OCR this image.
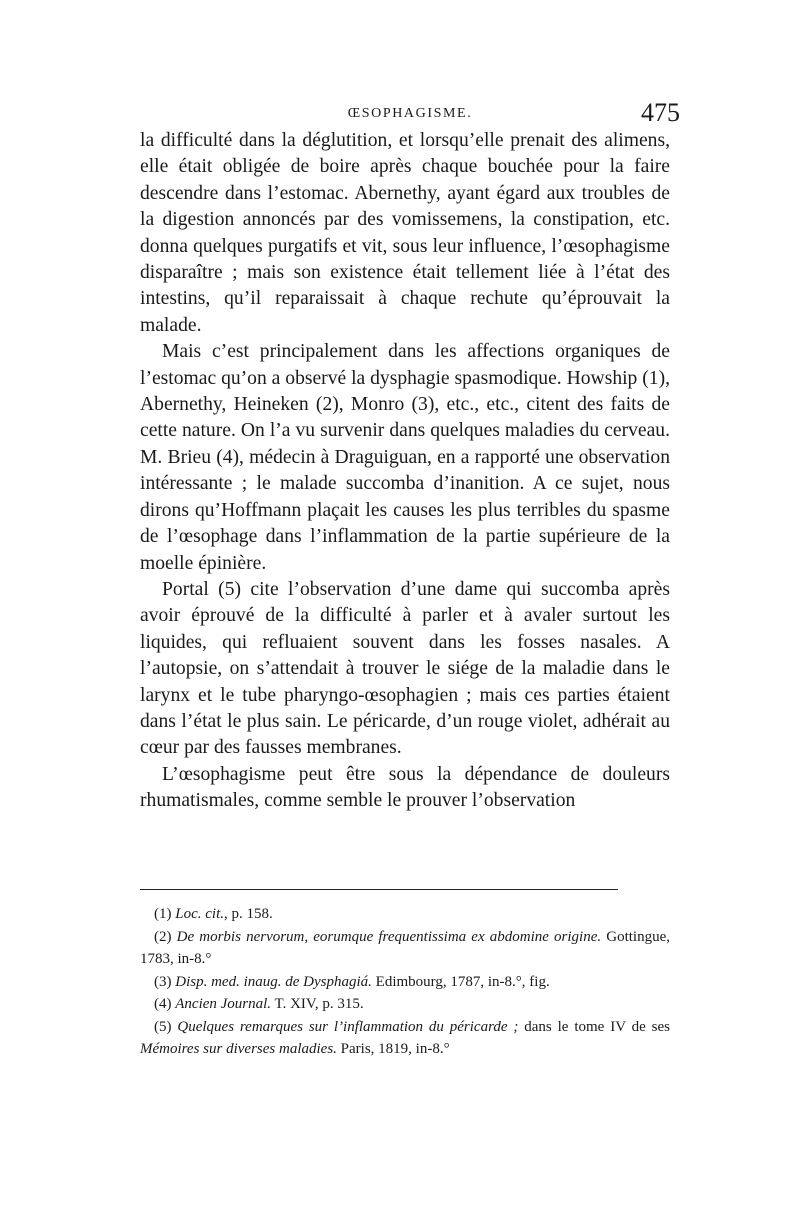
ŒSOPHAGISME.	475

la difficulté dans la déglutition, et lorsqu’elle prenait des alimens, elle était obligée de boire après chaque bouchée pour la faire descendre dans l’estomac. Abernethy, ayant égard aux troubles de la digestion annoncés par des vomissemens, la constipation, etc. donna quelques purgatifs et vit, sous leur influence, l’œsophagisme disparaître ; mais son existence était tellement liée à l’état des intestins, qu’il reparaissait à chaque rechute qu’éprouvait la malade.

Mais c’est principalement dans les affections organiques de l’estomac qu’on a observé la dysphagie spasmodique. Howship (1), Abernethy, Heineken (2), Monro (3), etc., etc., citent des faits de cette nature. On l’a vu survenir dans quelques maladies du cerveau. M. Brieu (4), médecin à Draguiguan, en a rapporté une observation intéressante ; le malade succomba d’inanition. A ce sujet, nous dirons qu’Hoffmann plaçait les causes les plus terribles du spasme de l’œsophage dans l’inflammation de la partie supérieure de la moelle épinière.

Portal (5) cite l’observation d’une dame qui succomba après avoir éprouvé de la difficulté à parler et à avaler surtout les liquides, qui refluaient souvent dans les fosses nasales. A l’autopsie, on s’attendait à trouver le siége de la maladie dans le larynx et le tube pharyngo-œsophagien ; mais ces parties étaient dans l’état le plus sain. Le péricarde, d’un rouge violet, adhérait au cœur par des fausses membranes.

L’œsophagisme peut être sous la dépendance de douleurs rhumatismales, comme semble le prouver l’observation

(1) Loc. cit., p. 158.

(2) De morbis nervorum, eorumque frequentissima ex abdomine origine. Gottingue, 1783, in-8.°

(3) Disp. med. inaug. de Dysphagiá. Edimbourg, 1787, in-8.°, fig.

(4) Ancien Journal. T. XIV, p. 315.

(5) Quelques remarques sur l’inflammation du péricarde ; dans le tome IV de ses Mémoires sur diverses maladies. Paris, 1819, in-8.°
